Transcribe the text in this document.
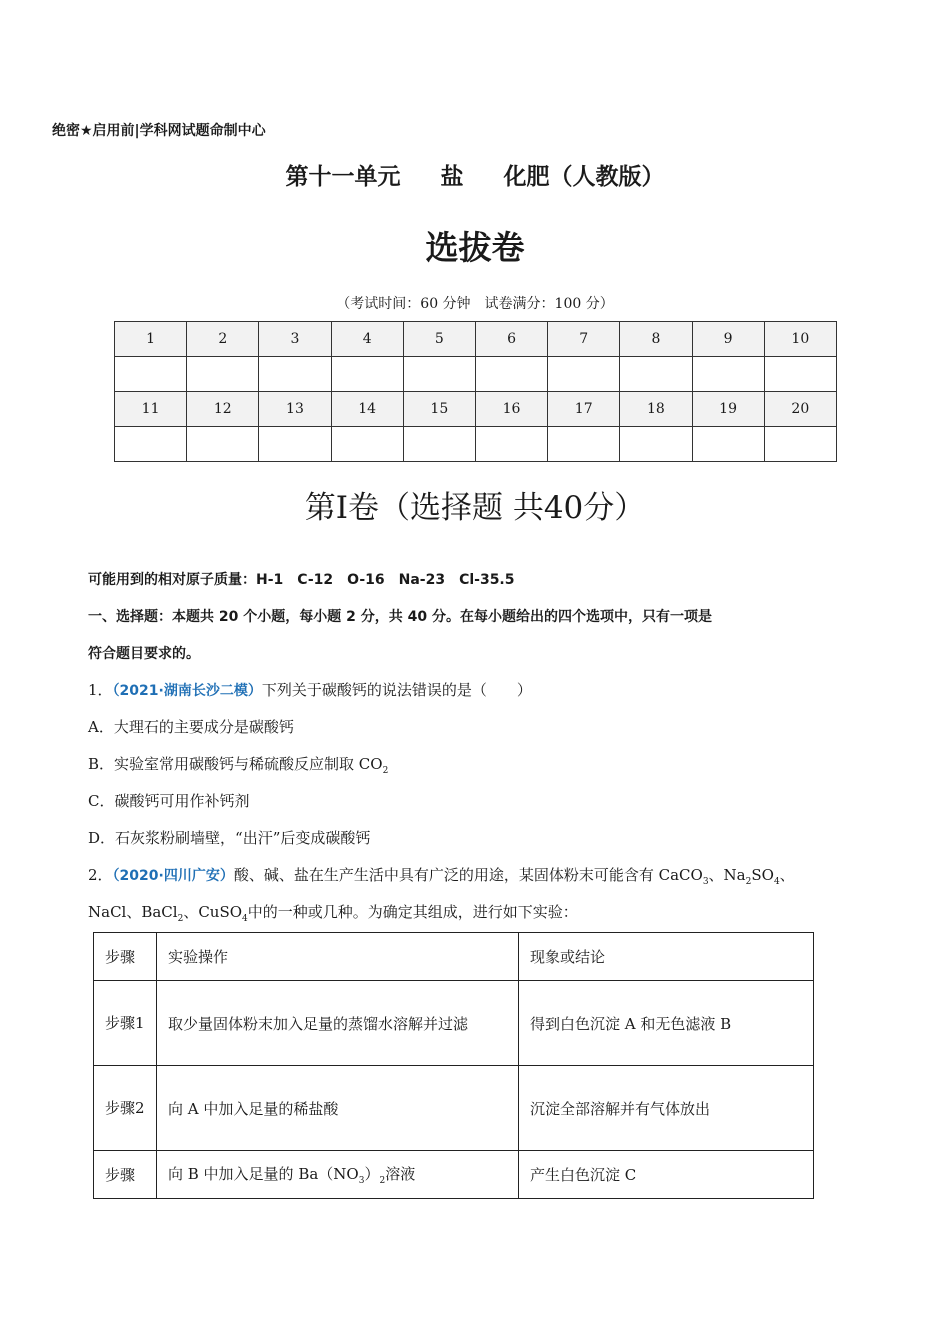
绝密★启用前|学科网试题命制中心
第十一单元 盐 化肥（人教版）
选拔卷
（考试时间：60 分钟　试卷满分：100 分）
1	2	3	4	5	6	7	8	9	10

11	12	13	14	15	16	17	18	19	20

第Ⅰ卷（选择题 共40分）
可能用到的相对原子质量：H-1　C-12　O-16　Na-23　Cl-35.5
一、选择题：本题共 20 个小题，每小题 2 分，共 40 分。在每小题给出的四个选项中，只有一项是
符合题目要求的。
1．（2021·湖南长沙二模）下列关于碳酸钙的说法错误的是（　　）
A．大理石的主要成分是碳酸钙
B．实验室常用碳酸钙与稀硫酸反应制取 $CO_2$
C．碳酸钙可用作补钙剂
D．石灰浆粉刷墙壁，“出汗”后变成碳酸钙
2．（2020·四川广安）酸、碱、盐在生产生活中具有广泛的用途，某固体粉末可能含有 CaCO$_3$、$Na_2SO_4$、
NaCl、BaCl$_2$、CuSO$_4$中的一种或几种。为确定其组成，进行如下实验：
步骤	实验操作	现象或结论
步骤1	取少量固体粉末加入足量的蒸馏水溶解并过滤	得到白色沉淀 A 和无色滤液 B
步骤2	向 A 中加入足量的稀盐酸	沉淀全部溶解并有气体放出
步骤	向 B 中加入足量的 $Ba(NO_3)_2$溶液	产生白色沉淀 C
